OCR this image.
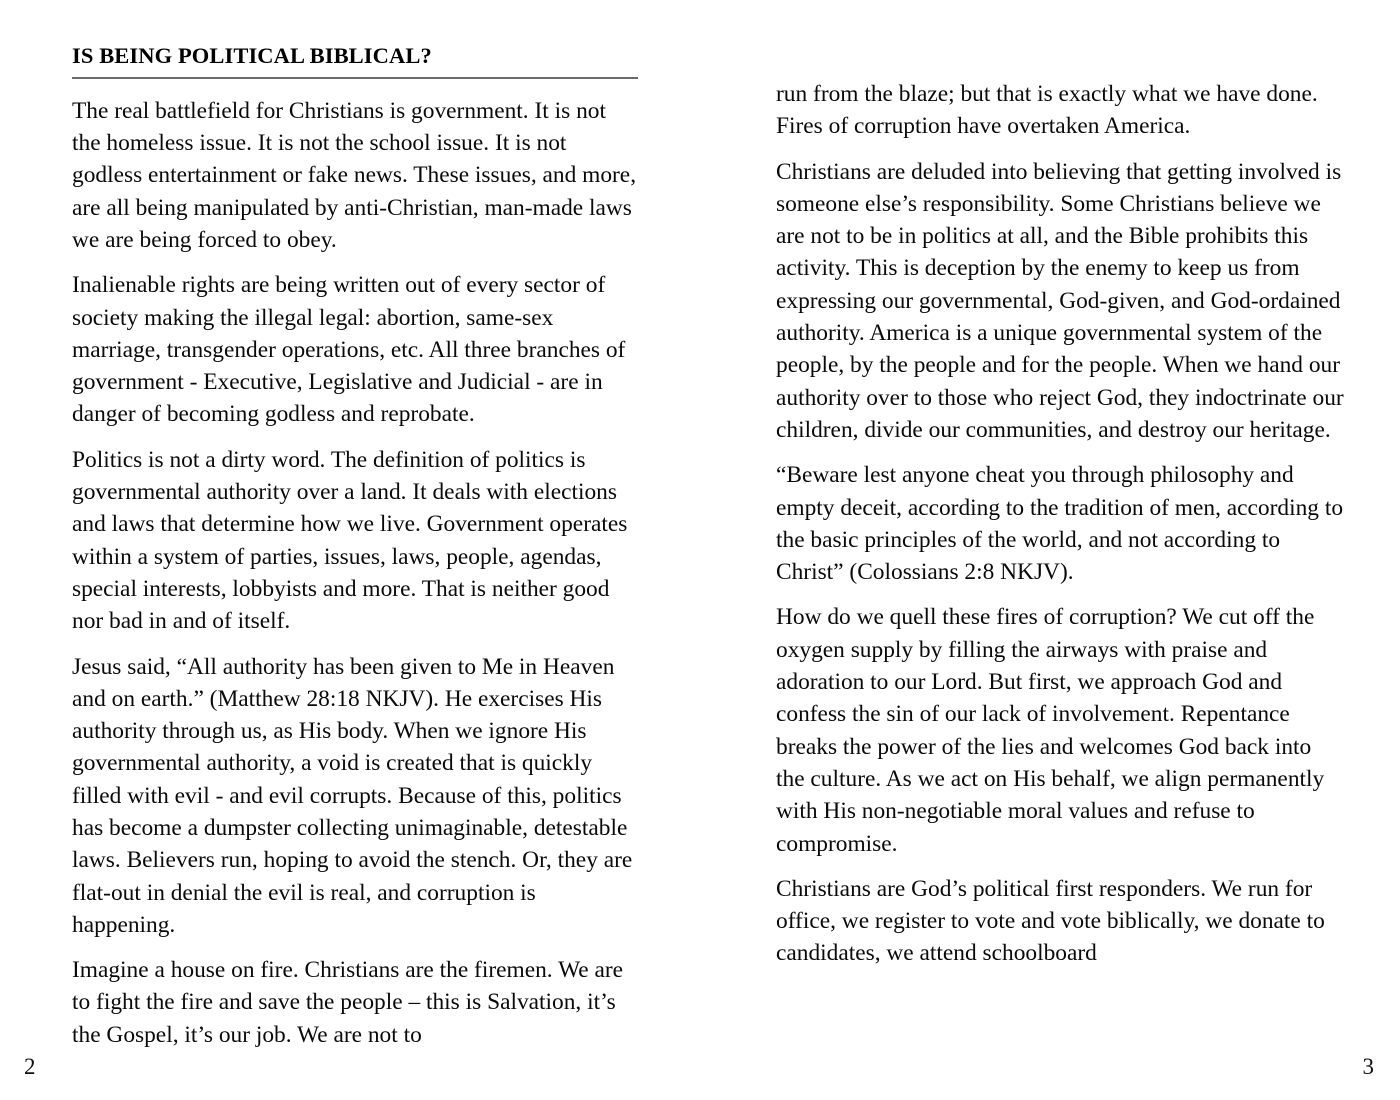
IS BEING POLITICAL BIBLICAL?

The real battlefield for Christians is government. It is not the homeless issue. It is not the school issue. It is not godless entertainment or fake news. These issues, and more, are all being manipulated by anti-Christian, man-made laws we are being forced to obey.

Inalienable rights are being written out of every sector of society making the illegal legal: abortion, same-sex marriage, transgender operations, etc. All three branches of government - Executive, Legislative and Judicial - are in danger of becoming godless and reprobate.

Politics is not a dirty word. The definition of politics is governmental authority over a land. It deals with elections and laws that determine how we live. Government operates within a system of parties, issues, laws, people, agendas, special interests, lobbyists and more. That is neither good nor bad in and of itself.

Jesus said, “All authority has been given to Me in Heaven and on earth.” (Matthew 28:18 NKJV). He exercises His authority through us, as His body. When we ignore His governmental authority, a void is created that is quickly filled with evil - and evil corrupts. Because of this, politics has become a dumpster collecting unimaginable, detestable laws. Believers run, hoping to avoid the stench. Or, they are flat-out in denial the evil is real, and corruption is happening.

Imagine a house on fire. Christians are the firemen. We are to fight the fire and save the people – this is Salvation, it’s the Gospel, it’s our job. We are not to

run from the blaze; but that is exactly what we have done. Fires of corruption have overtaken America.

Christians are deluded into believing that getting involved is someone else’s responsibility. Some Christians believe we are not to be in politics at all, and the Bible prohibits this activity. This is deception by the enemy to keep us from expressing our governmental, God-given, and God-ordained authority. America is a unique governmental system of the people, by the people and for the people. When we hand our authority over to those who reject God, they indoctrinate our children, divide our communities, and destroy our heritage.

“Beware lest anyone cheat you through philosophy and empty deceit, according to the tradition of men, according to the basic principles of the world, and not according to Christ” (Colossians 2:8 NKJV).

How do we quell these fires of corruption? We cut off the oxygen supply by filling the airways with praise and adoration to our Lord. But first, we approach God and confess the sin of our lack of involvement. Repentance breaks the power of the lies and welcomes God back into the culture. As we act on His behalf, we align permanently with His non-negotiable moral values and refuse to compromise.

Christians are God’s political first responders. We run for office, we register to vote and vote biblically, we donate to candidates, we attend schoolboard

2	3
